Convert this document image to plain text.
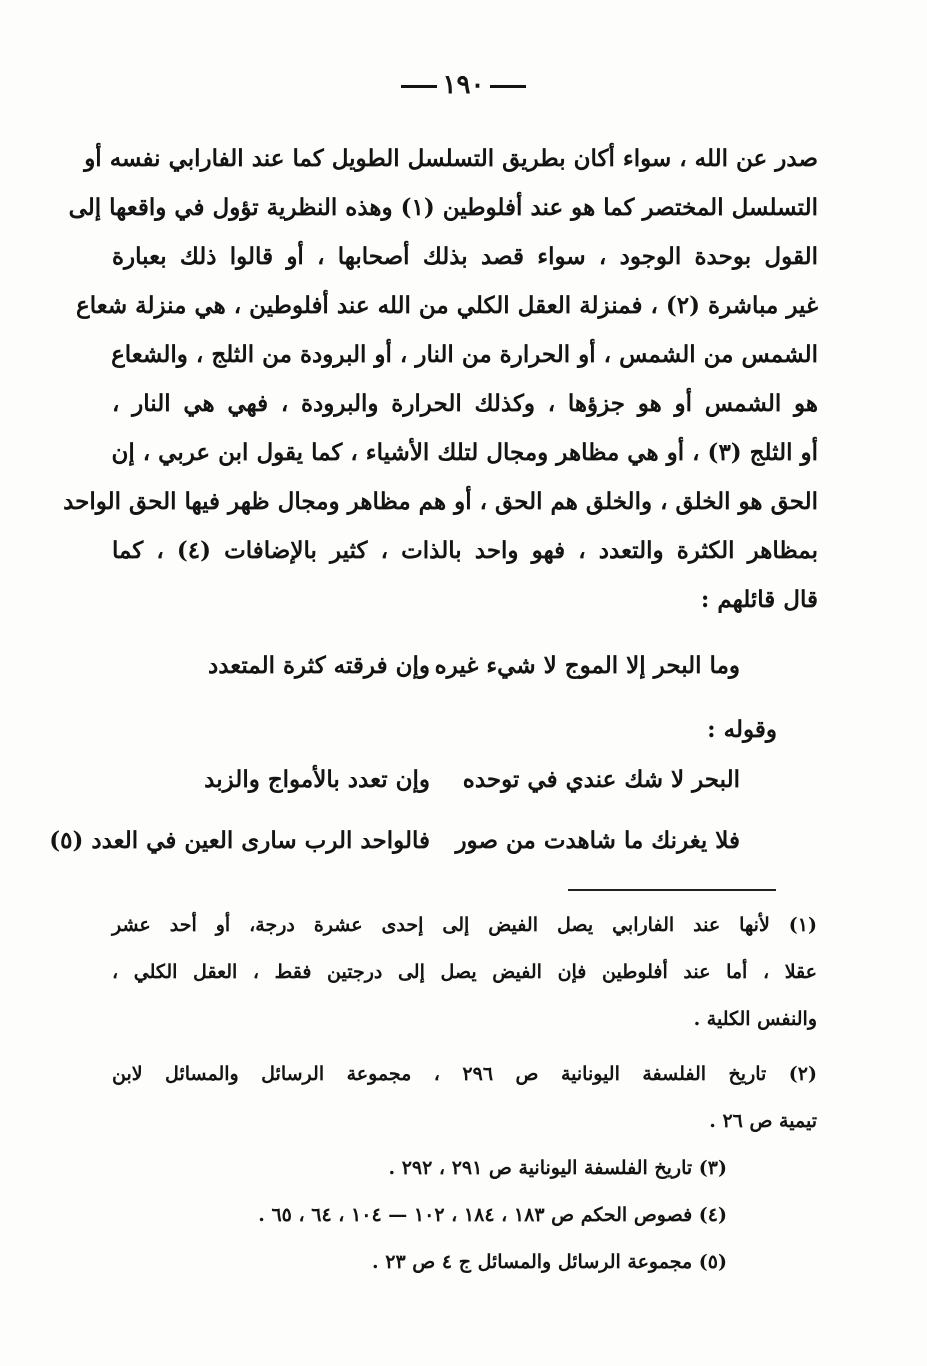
١٩٠
صدر عن الله ، سواء أكان بطريق التسلسل الطويل كما عند الفارابي نفسه أو
التسلسل المختصر كما هو عند أفلوطين (١) وهذه النظرية تؤول في واقعها إلى
القول بوحدة الوجود ، سواء قصد بذلك أصحابها ، أو قالوا ذلك بعبارة
غير مباشرة (٢) ، فمنزلة العقل الكلي من الله عند أفلوطين ، هي منزلة شعاع
الشمس من الشمس ، أو الحرارة من النار ، أو البرودة من الثلج ، والشعاع
هو الشمس أو هو جزؤها ، وكذلك الحرارة والبرودة ، فهي هي النار ،
أو الثلج (٣) ، أو هي مظاهر ومجال لتلك الأشياء ، كما يقول ابن عربي ، إن
الحق هو الخلق ، والخلق هم الحق ، أو هم مظاهر ومجال ظهر فيها الحق الواحد
بمظاهر الكثرة والتعدد ، فهو واحد بالذات ، كثير بالإضافات (٤) ، كما
قال قائلهم :
وما البحر إلا الموج لا شيء غيره
وإن فرقته كثرة المتعدد
وقوله :
البحر لا شك عندي في توحده
وإن تعدد بالأمواج والزبد
فلا يغرنك ما شاهدت من صور
فالواحد الرب سارى العين في العدد (٥)
(١) لأنها عند الفارابي يصل الفيض إلى إحدى عشرة درجة، أو أحد عشر
عقلا ، أما عند أفلوطين فإن الفيض يصل إلى درجتين فقط ، العقل الكلي ،
والنفس الكلية .
(٢) تاريخ الفلسفة اليونانية ص ٢٩٦ ، مجموعة الرسائل والمسائل لابن
تيمية ص ٢٦ .
(٣) تاريخ الفلسفة اليونانية ص ٢٩١ ، ٢٩٢ .
(٤) فصوص الحكم ص ١٨٣ ، ١٨٤ ، ١٠٢ — ١٠٤ ، ٦٤ ، ٦٥ .
(٥) مجموعة الرسائل والمسائل ج ٤ ص ٢٣ .
